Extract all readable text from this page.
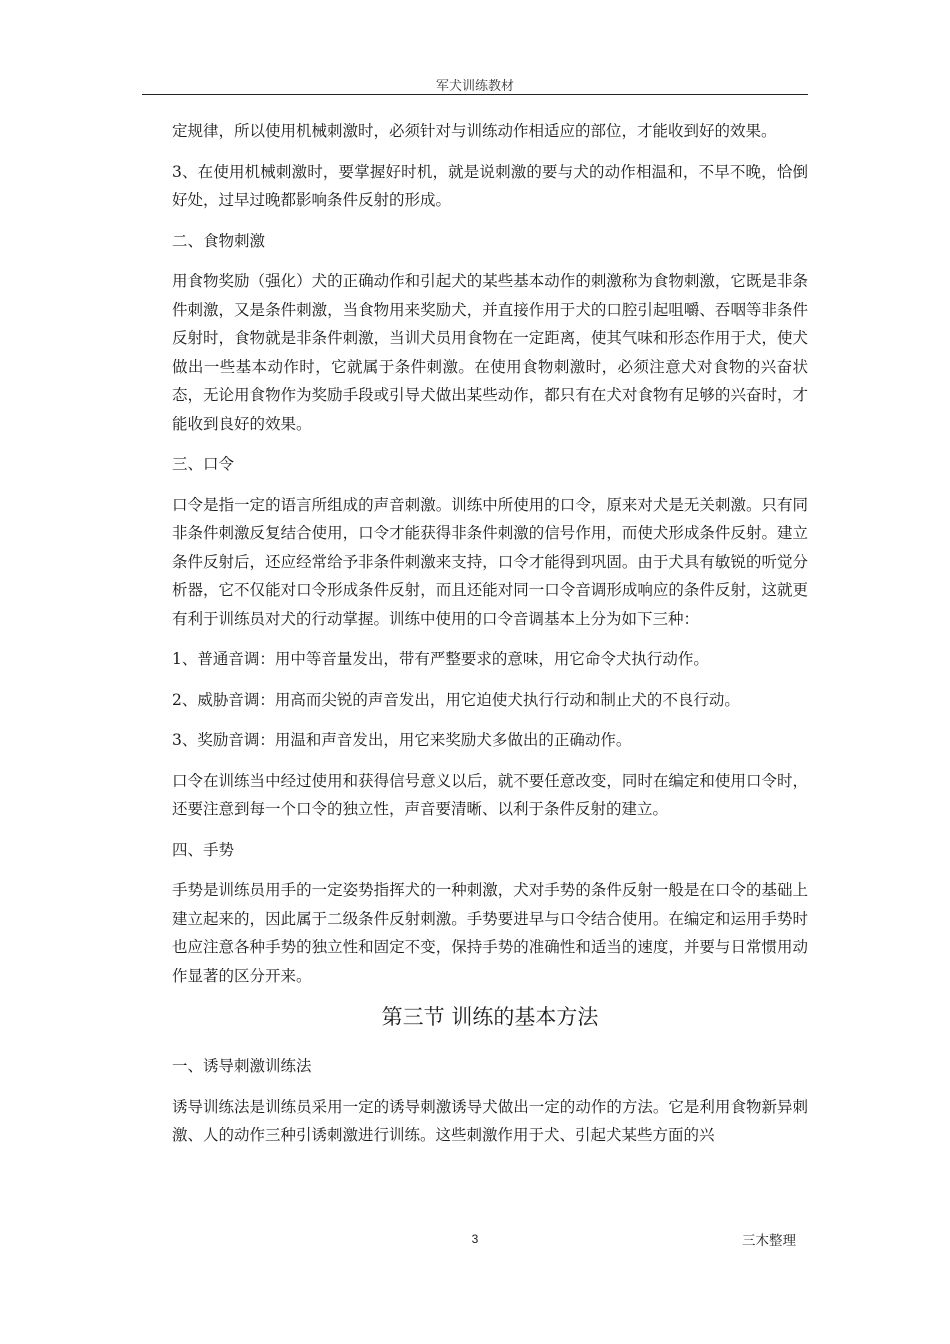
军犬训练教材

定规律，所以使用机械刺激时，必须针对与训练动作相适应的部位，才能收到好的效果。

3、在使用机械刺激时，要掌握好时机，就是说刺激的要与犬的动作相温和，不早不晚，恰倒好处，过早过晚都影响条件反射的形成。

二、食物刺激

用食物奖励（强化）犬的正确动作和引起犬的某些基本动作的刺激称为食物刺激，它既是非条件刺激，又是条件刺激，当食物用来奖励犬，并直接作用于犬的口腔引起咀嚼、吞咽等非条件反射时，食物就是非条件刺激，当训犬员用食物在一定距离，使其气味和形态作用于犬，使犬做出一些基本动作时，它就属于条件刺激。在使用食物刺激时，必须注意犬对食物的兴奋状态，无论用食物作为奖励手段或引导犬做出某些动作，都只有在犬对食物有足够的兴奋时，才能收到良好的效果。

三、口令

口令是指一定的语言所组成的声音刺激。训练中所使用的口令，原来对犬是无关刺激。只有同非条件刺激反复结合使用，口令才能获得非条件刺激的信号作用，而使犬形成条件反射。建立条件反射后，还应经常给予非条件刺激来支持，口令才能得到巩固。由于犬具有敏锐的听觉分析器，它不仅能对口令形成条件反射，而且还能对同一口令音调形成响应的条件反射，这就更有利于训练员对犬的行动掌握。训练中使用的口令音调基本上分为如下三种：

1、普通音调：用中等音量发出，带有严整要求的意味，用它命令犬执行动作。

2、威胁音调：用高而尖锐的声音发出，用它迫使犬执行行动和制止犬的不良行动。

3、奖励音调：用温和声音发出，用它来奖励犬多做出的正确动作。

口令在训练当中经过使用和获得信号意义以后，就不要任意改变，同时在编定和使用口令时，还要注意到每一个口令的独立性，声音要清晰、以利于条件反射的建立。

四、手势

手势是训练员用手的一定姿势指挥犬的一种刺激，犬对手势的条件反射一般是在口令的基础上建立起来的，因此属于二级条件反射刺激。手势要进早与口令结合使用。在编定和运用手势时也应注意各种手势的独立性和固定不变，保持手势的准确性和适当的速度，并要与日常惯用动作显著的区分开来。

第三节 训练的基本方法

一、诱导刺激训练法

诱导训练法是训练员采用一定的诱导刺激诱导犬做出一定的动作的方法。它是利用食物新异刺激、人的动作三种引诱刺激进行训练。这些刺激作用于犬、引起犬某些方面的兴

3	三木整理
